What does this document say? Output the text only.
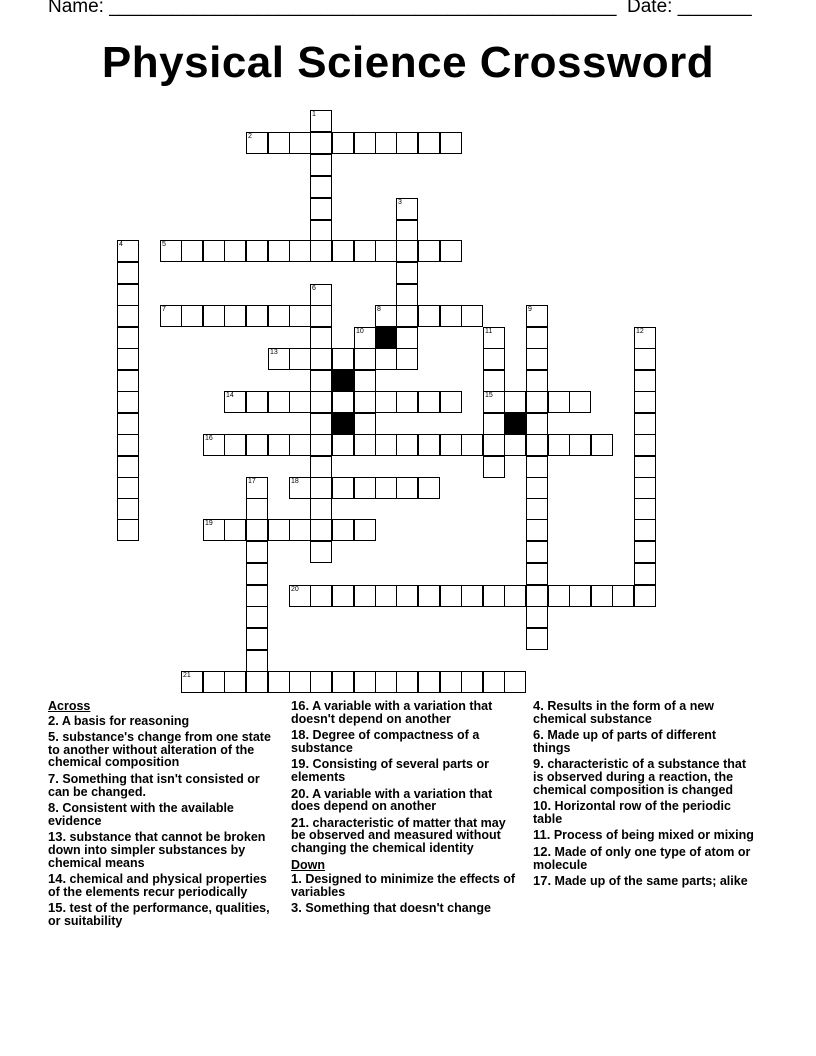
Name: ________________________________________________ Date: _______
Physical Science Crossword
1
2
3
4	5
6
7	8	9
10	11	12
13
14	15
16
17	18
19
20
21
Across
2. A basis for reasoning
5. substance's change from one state to another without alteration of the chemical composition
7. Something that isn't consisted or can be changed.
8. Consistent with the available evidence
13. substance that cannot be broken down into simpler substances by chemical means
14. chemical and physical properties of the elements recur periodically
15. test of the performance, qualities, or suitability
16. A variable with a variation that doesn't depend on another
18. Degree of compactness of a substance
19. Consisting of several parts or elements
20. A variable with a variation that does depend on another
21. characteristic of matter that may be observed and measured without changing the chemical identity
Down
1. Designed to minimize the effects of variables
3. Something that doesn't change
4. Results in the form of a new chemical substance
6. Made up of parts of different things
9. characteristic of a substance that is observed during a reaction, the chemical composition is changed
10. Horizontal row of the periodic table
11. Process of being mixed or mixing
12. Made of only one type of atom or molecule
17. Made up of the same parts; alike
